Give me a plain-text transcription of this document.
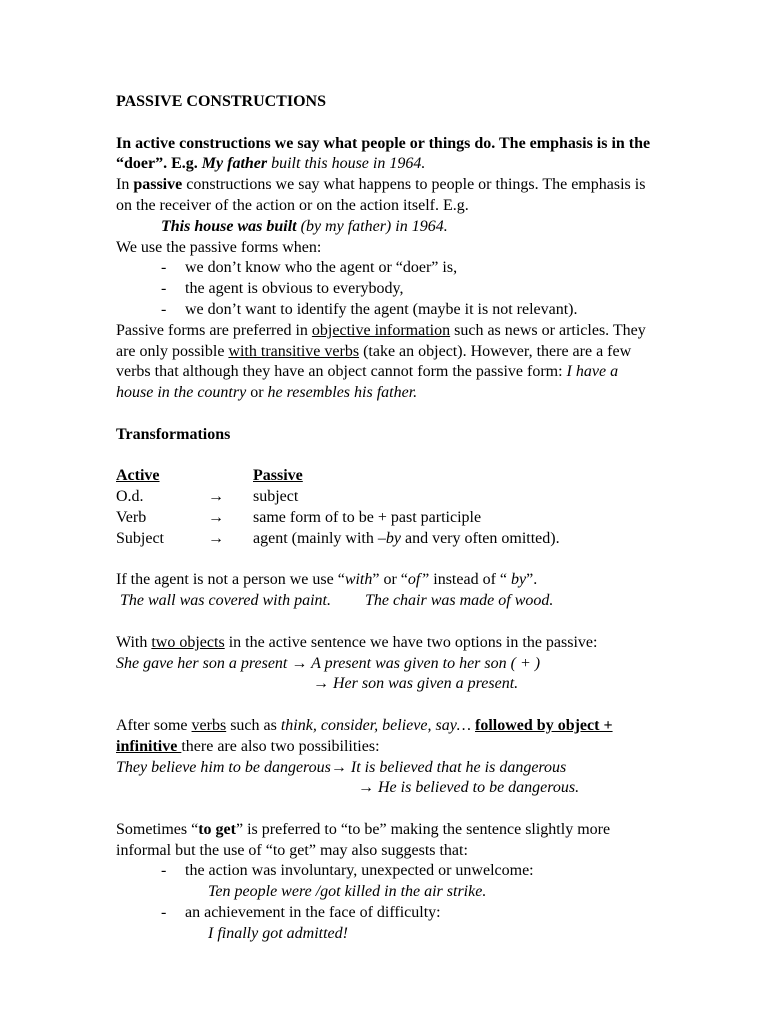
PASSIVE CONSTRUCTIONS

In active constructions we say what people or things do. The emphasis is in the “doer”. E.g. My father built this house in 1964.

In passive constructions we say what happens to people or things. The emphasis is on the receiver of the action or on the action itself. E.g.

This house was built (by my father) in 1964.

We use the passive forms when:

-	we don’t know who the agent or “doer” is,
-	the agent is obvious to everybody,
-	we don’t want to identify the agent (maybe it is not relevant).

Passive forms are preferred in objective information such as news or articles. They are only possible with transitive verbs (take an object). However, there are a few verbs that although they have an object cannot form the passive form: I have a house in the country or he resembles his father.

Transformations

Active	Passive
O.d.	→	subject
Verb	→	same form of to be + past participle
Subject	→	agent (mainly with –by and very often omitted).

If the agent is not a person we use “with” or “of” instead of “ by”.

The wall was covered with paint. The chair was made of wood.

With two objects in the active sentence we have two options in the passive:

She gave her son a present → A present was given to her son ( + )

→ Her son was given a present.

After some verbs such as think, consider, believe, say… followed by object + infinitive there are also two possibilities:

They believe him to be dangerous→ It is believed that he is dangerous

→ He is believed to be dangerous.

Sometimes “to get” is preferred to “to be” making the sentence slightly more informal but the use of “to get” may also suggests that:

-	the action was involuntary, unexpected or unwelcome:

Ten people were /got killed in the air strike.

-	an achievement in the face of difficulty:

I finally got admitted!
